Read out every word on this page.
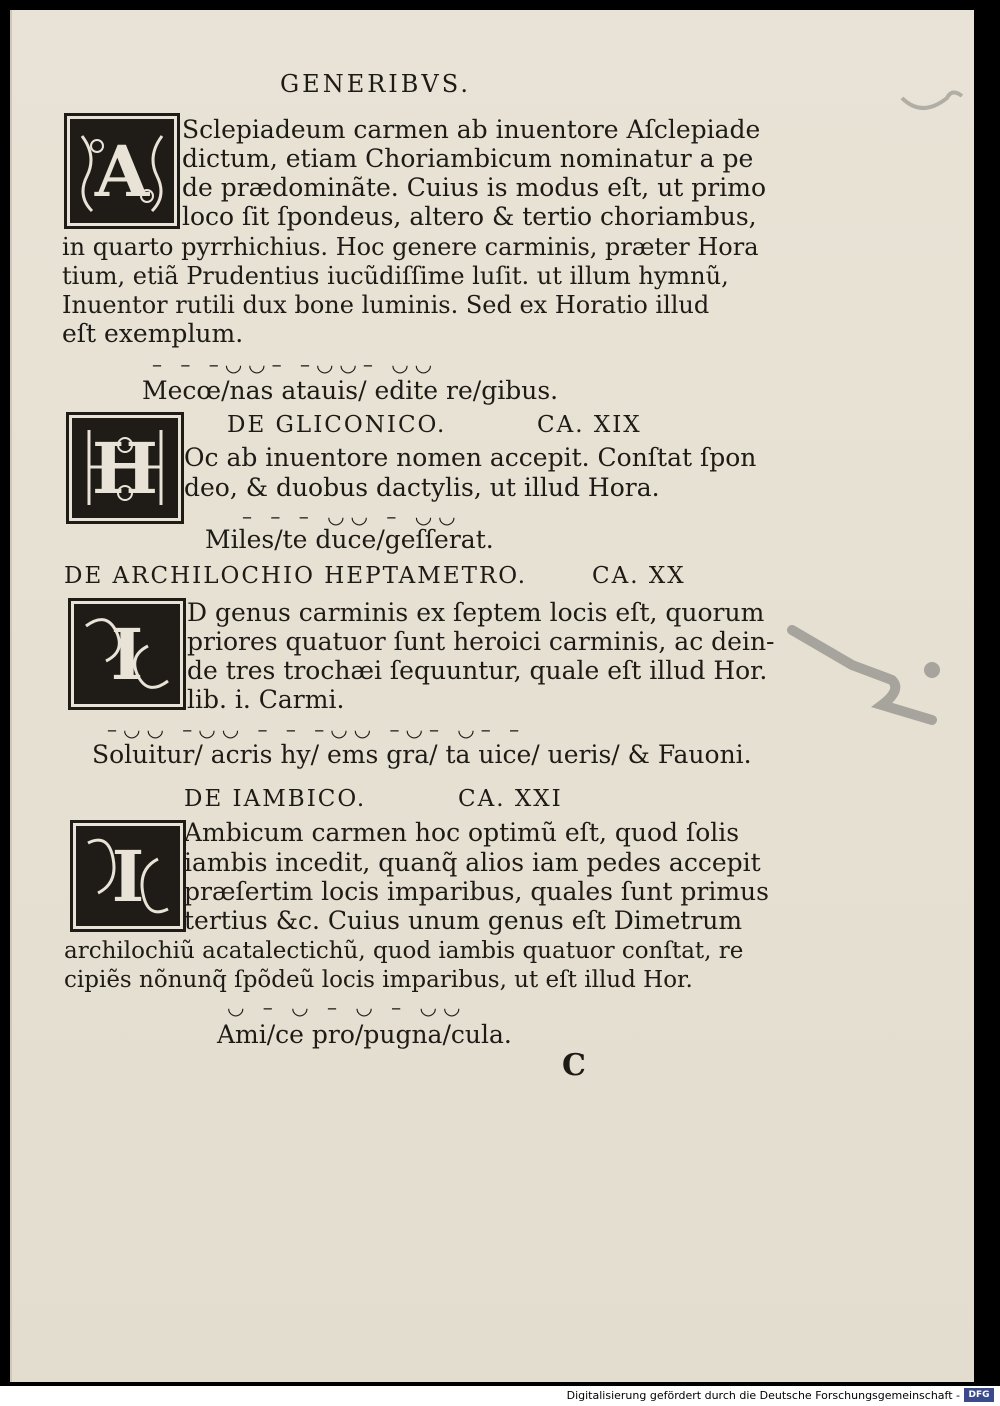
GENERIBVS.
A Sclepiadeum carmen ab inuentore Aſclepiade
dictum, etiam Choriambicum nominatur a pe
de prædominãte. Cuius is modus eſt, ut primo
loco ſit ſpondeus, altero & tertio choriambus,
in quarto pyrrhichius. Hoc genere carminis, præter Hora
tium, etiã Prudentius iucũdiſſime luſit. ut illum hymnũ,
Inuentor rutili dux bone luminis. Sed ex Horatio illud
eſt exemplum.
– – –◡◡– –◡◡– ◡◡
Mecœ/nas atauis/ edite re/gibus.
H
DE GLICONICO.	CA. XIX
Oc ab inuentore nomen accepit. Conſtat ſpon
deo, & duobus dactylis, ut illud Hora.
– – – ◡◡ – ◡◡
Miles/te duce/geſſerat.
DE ARCHILOCHIO HEPTAMETRO.	CA. XX
I D genus carminis ex ſeptem locis eſt, quorum
priores quatuor ſunt heroici carminis, ac dein-
de tres trochæi ſequuntur, quale eſt illud Hor.
lib. i. Carmi.
–◡◡ –◡◡ – – –◡◡ –◡– ◡– –
Soluitur/ acris hy/ ems gra/ ta uice/ ueris/ & Fauoni.
DE IAMBICO.	CA. XXI
I
Ambicum carmen hoc optimũ eſt, quod ſolis
iambis incedit, quanq̃ alios iam pedes accepit
præſertim locis imparibus, quales ſunt primus
tertius &c. Cuius unum genus eſt Dimetrum
archilochiũ acatalectichũ, quod iambis quatuor conſtat, re
cipiẽs nõnunq̃ ſpõdeũ locis imparibus, ut eſt illud Hor.
◡ – ◡ – ◡ – ◡◡
Ami/ce pro/pugna/cula.
C
Digitalisierung gefördert durch die Deutsche Forschungsgemeinschaft - DFG
